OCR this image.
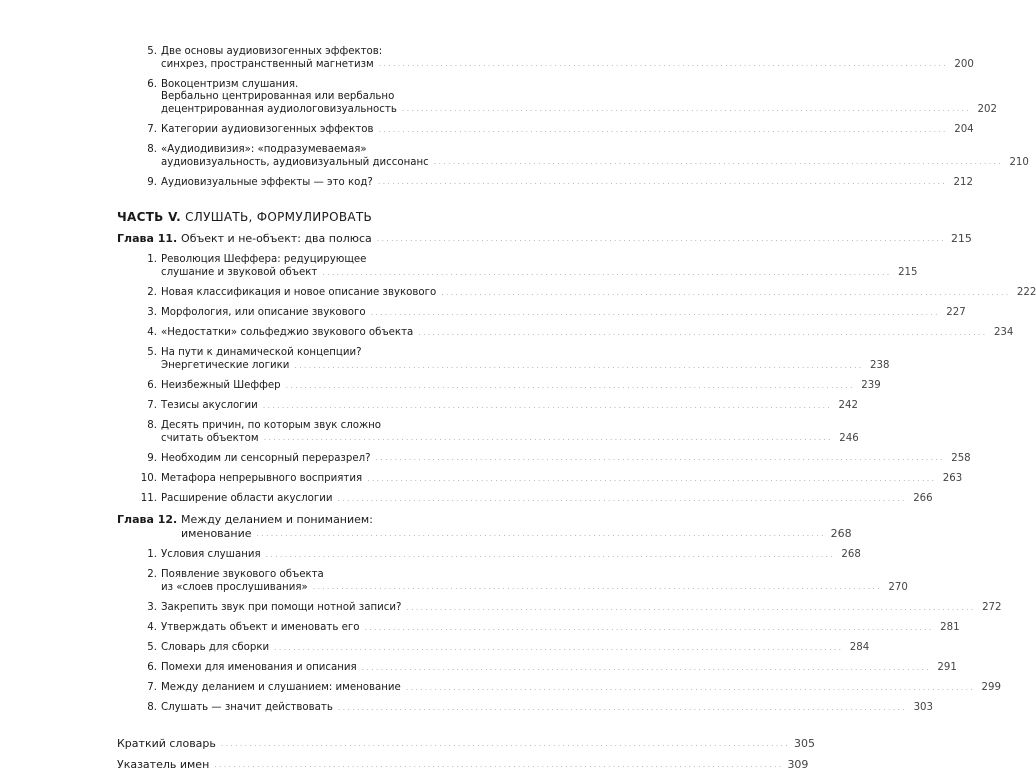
5. Две основы аудиовизогенных эффектов:
синхрез, пространственный магнетизм ........................................................................................................................ 200
6. Вокоцентризм слушания.
Вербально центрированная или вербально
децентрированная аудиологовизуальность ........................................................................................................................ 202
7. Категории аудиовизогенных эффектов ........................................................................................................................ 204
8. «Аудиодивизия»: «подразумеваемая»
аудиовизуальность, аудиовизуальный диссонанс ........................................................................................................................ 210
9. Аудиовизуальные эффекты — это код? ........................................................................................................................ 212
ЧАСТЬ V. СЛУШАТЬ, ФОРМУЛИРОВАТЬ
Глава 11. Объект и не-объект: два полюса ........................................................................................................................ 215
1. Революция Шеффера: редуцирующее
слушание и звуковой объект ........................................................................................................................ 215
2. Новая классификация и новое описание звукового ........................................................................................................................ 222
3. Морфология, или описание звукового ........................................................................................................................ 227
4. «Недостатки» сольфеджио звукового объекта ........................................................................................................................ 234
5. На пути к динамической концепции?
Энергетические логики ........................................................................................................................ 238
6. Неизбежный Шеффер ........................................................................................................................ 239
7. Тезисы акуслогии ........................................................................................................................ 242
8. Десять причин, по которым звук сложно
считать объектом ........................................................................................................................ 246
9. Необходим ли сенсорный переразрел? ........................................................................................................................ 258
10. Метафора непрерывного восприятия ........................................................................................................................ 263
11. Расширение области акуслогии ........................................................................................................................ 266
Глава 12. Между деланием и пониманием:
именование ........................................................................................................................ 268
1. Условия слушания ........................................................................................................................ 268
2. Появление звукового объекта
из «слоев прослушивания» ........................................................................................................................ 270
3. Закрепить звук при помощи нотной записи? ........................................................................................................................ 272
4. Утверждать объект и именовать его ........................................................................................................................ 281
5. Словарь для сборки ........................................................................................................................ 284
6. Помехи для именования и описания ........................................................................................................................ 291
7. Между деланием и слушанием: именование ........................................................................................................................ 299
8. Слушать — значит действовать ........................................................................................................................ 303
Краткий словарь ........................................................................................................................ 305
Указатель имен ........................................................................................................................ 309
